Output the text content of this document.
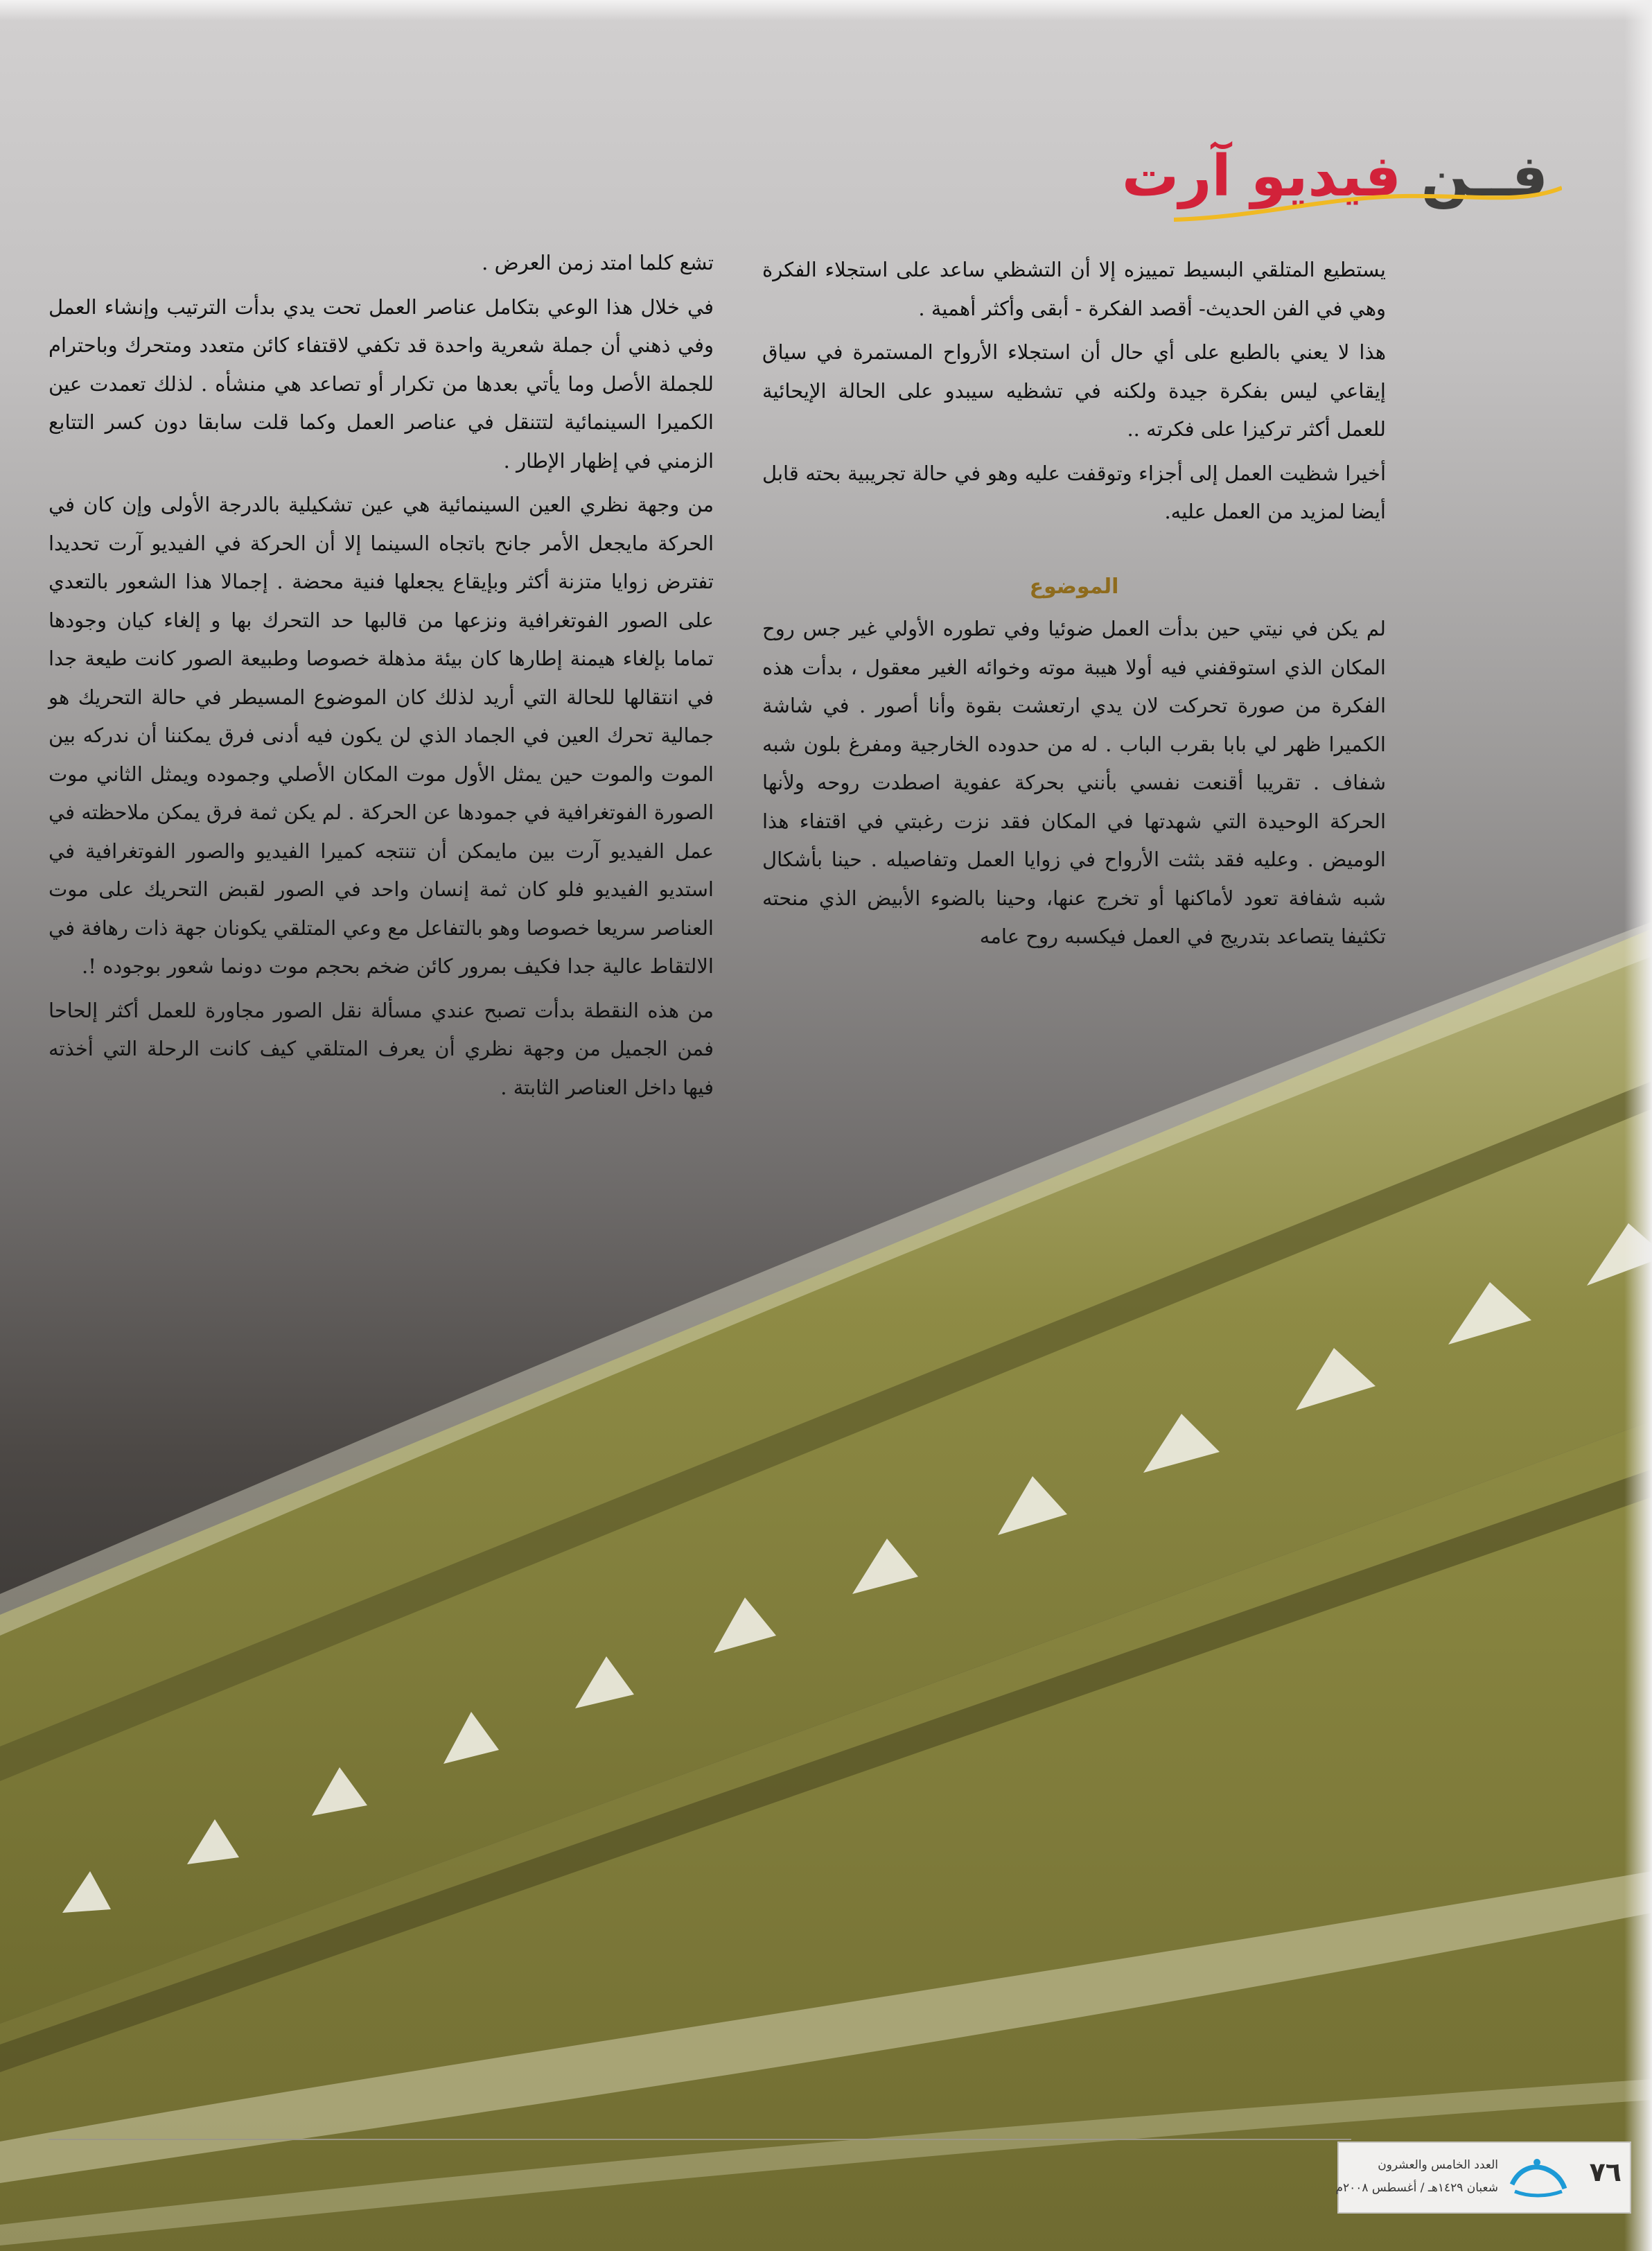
فــن فيديو آرت

يستطيع المتلقي البسيط تمييزه إلا أن التشظي ساعد على استجلاء الفكرة وهي في الفن الحديث- أقصد الفكرة - أبقى وأكثر أهمية .

هذا لا يعني بالطبع على أي حال أن استجلاء الأرواح المستمرة في سياق إيقاعي ليس بفكرة جيدة ولكنه في تشظيه سيبدو على الحالة الإيحائية للعمل أكثر تركيزا على فكرته ..

أخيرا شظيت العمل إلى أجزاء وتوقفت عليه وهو في حالة تجريبية بحته قابل أيضا لمزيد من العمل عليه.

الموضوع

لم يكن في نيتي حين بدأت العمل ضوئيا وفي تطوره الأولي غير جس روح المكان الذي استوقفني فيه أولا هيبة موته وخوائه الغير معقول ، بدأت هذه الفكرة من صورة تحركت لان يدي ارتعشت بقوة وأنا أصور . في شاشة الكميرا ظهر لي بابا بقرب الباب . له من حدوده الخارجية ومفرغ بلون شبه شفاف . تقريبا أقنعت نفسي بأنني بحركة عفوية اصطدت روحه ولأنها الحركة الوحيدة التي شهدتها في المكان فقد نزت رغبتي في اقتفاء هذا الوميض . وعليه فقد بثثت الأرواح في زوايا العمل وتفاصيله . حينا بأشكال شبه شفافة تعود لأماكنها أو تخرج عنها، وحينا بالضوء الأبيض الذي منحته تكثيفا يتصاعد بتدريج في العمل فيكسبه روح عامه

تشع كلما امتد زمن العرض .

في خلال هذا الوعي بتكامل عناصر العمل تحت يدي بدأت الترتيب وإنشاء العمل وفي ذهني أن جملة شعرية واحدة قد تكفي لاقتفاء كائن متعدد ومتحرك وباحترام للجملة الأصل وما يأتي بعدها من تكرار أو تصاعد هي منشأه . لذلك تعمدت عين الكميرا السينمائية لتتنقل في عناصر العمل وكما قلت سابقا دون كسر التتابع الزمني في إظهار الإطار .

من وجهة نظري العين السينمائية هي عين تشكيلية بالدرجة الأولى وإن كان في الحركة مايجعل الأمر جانح باتجاه السينما إلا أن الحركة في الفيديو آرت تحديدا تفترض زوايا متزنة أكثر وبإيقاع يجعلها فنية محضة . إجمالا هذا الشعور بالتعدي على الصور الفوتغرافية ونزعها من قالبها حد التحرك بها و إلغاء كيان وجودها تماما بإلغاء هيمنة إطارها كان بيئة مذهلة خصوصا وطبيعة الصور كانت طيعة جدا في انتقالها للحالة التي أريد لذلك كان الموضوع المسيطر في حالة التحريك هو جمالية تحرك العين في الجماد الذي لن يكون فيه أدنى فرق يمكننا أن ندركه بين الموت والموت حين يمثل الأول موت المكان الأصلي وجموده ويمثل الثاني موت الصورة الفوتغرافية في جمودها عن الحركة . لم يكن ثمة فرق يمكن ملاحظته في عمل الفيديو آرت بين مايمكن أن تنتجه كميرا الفيديو والصور الفوتغرافية في استديو الفيديو فلو كان ثمة إنسان واحد في الصور لقبض التحريك على موت العناصر سريعا خصوصا وهو بالتفاعل مع وعي المتلقي يكونان جهة ذات رهافة في الالتقاط عالية جدا فكيف بمرور كائن ضخم بحجم موت دونما شعور بوجوده !.

من هذه النقطة بدأت تصبح عندي مسألة نقل الصور مجاورة للعمل أكثر إلحاحا فمن الجميل من وجهة نظري أن يعرف المتلقي كيف كانت الرحلة التي أخذته فيها داخل العناصر الثابتة .

٧٦
العدد الخامس والعشرون
شعبان ١٤٢٩هـ / أغسطس ٢٠٠٨م
